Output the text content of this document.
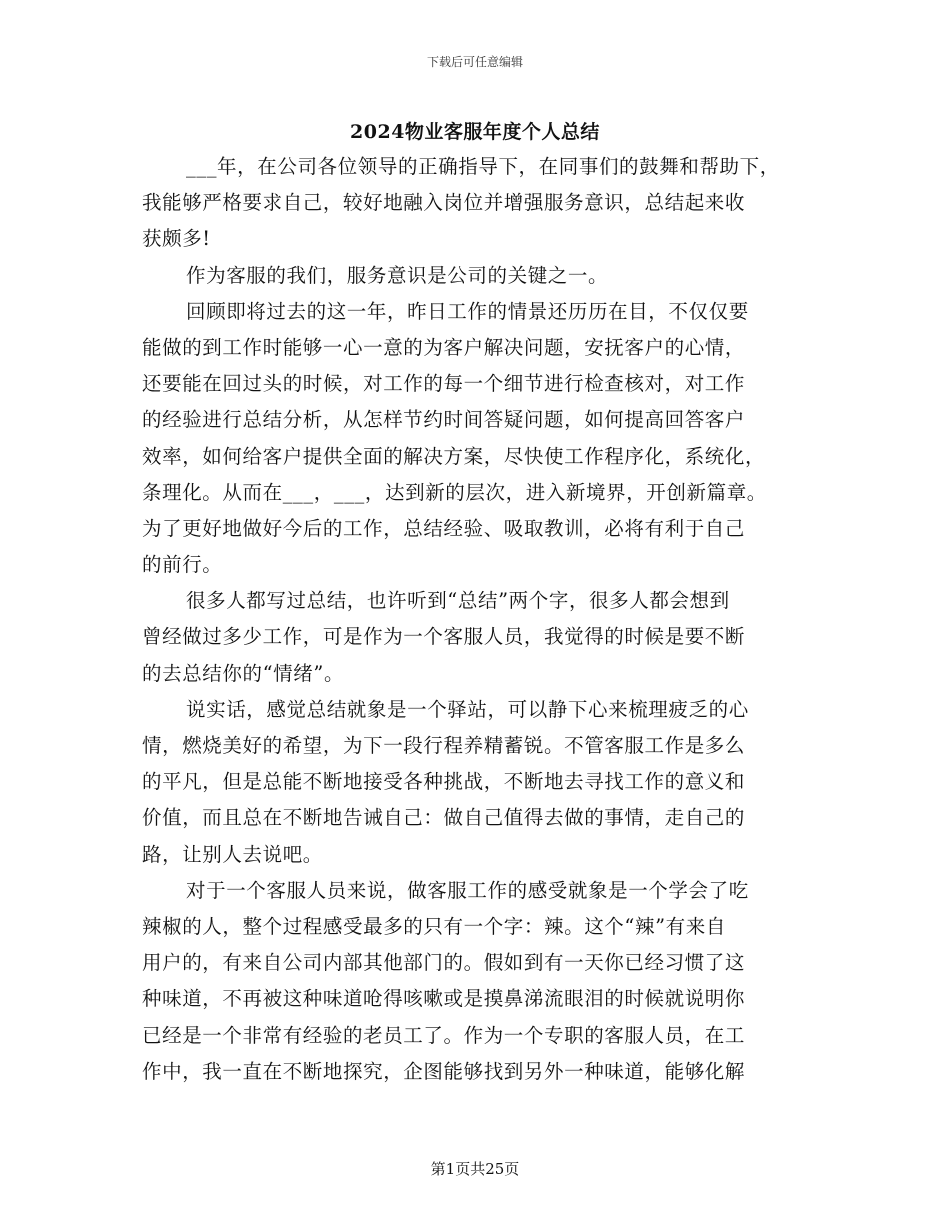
下载后可任意编辑
2024物业客服年度个人总结
___年，在公司各位领导的正确指导下，在同事们的鼓舞和帮助下，
我能够严格要求自己，较好地融入岗位并增强服务意识，总结起来收
获颇多!
作为客服的我们，服务意识是公司的关键之一。
回顾即将过去的这一年，昨日工作的情景还历历在目，不仅仅要
能做的到工作时能够一心一意的为客户解决问题，安抚客户的心情，
还要能在回过头的时候，对工作的每一个细节进行检查核对，对工作
的经验进行总结分析，从怎样节约时间答疑问题，如何提高回答客户
效率，如何给客户提供全面的解决方案，尽快使工作程序化，系统化，
条理化。从而在___，___，达到新的层次，进入新境界，开创新篇章。
为了更好地做好今后的工作，总结经验、吸取教训，必将有利于自己
的前行。
很多人都写过总结，也许听到“总结”两个字，很多人都会想到
曾经做过多少工作，可是作为一个客服人员，我觉得的时候是要不断
的去总结你的“情绪”。
说实话，感觉总结就象是一个驿站，可以静下心来梳理疲乏的心
情，燃烧美好的希望，为下一段行程养精蓄锐。不管客服工作是多么
的平凡，但是总能不断地接受各种挑战，不断地去寻找工作的意义和
价值，而且总在不断地告诫自己：做自己值得去做的事情，走自己的
路，让别人去说吧。
对于一个客服人员来说，做客服工作的感受就象是一个学会了吃
辣椒的人，整个过程感受最多的只有一个字：辣。这个“辣”有来自
用户的，有来自公司内部其他部门的。假如到有一天你已经习惯了这
种味道，不再被这种味道呛得咳嗽或是摸鼻涕流眼泪的时候就说明你
已经是一个非常有经验的老员工了。作为一个专职的客服人员，在工
作中，我一直在不断地探究，企图能够找到另外一种味道，能够化解
第1页共25页
